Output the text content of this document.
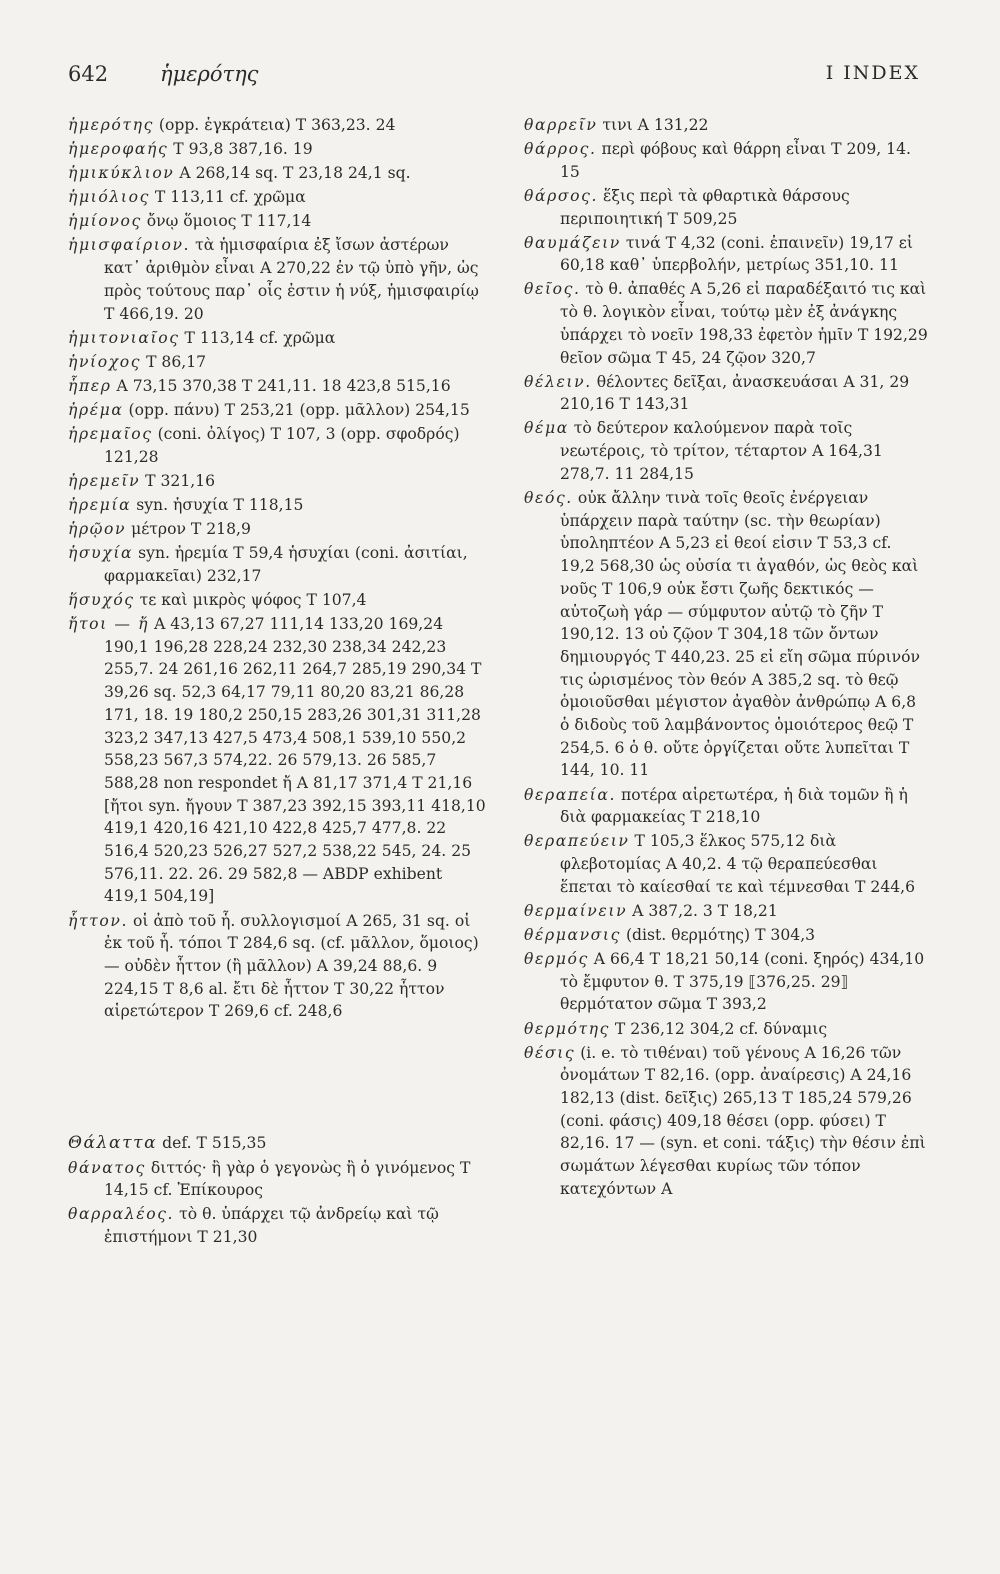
642 ἡμερότης	I INDEX

ἡμερότης (opp. ἐγκράτεια) T 363,23. 24

ἡμεροφαής T 93,8 387,16. 19

ἡμικύκλιον A 268,14 sq. T 23,18 24,1 sq.

ἡμιόλιος T 113,11 cf. χρῶμα

ἡμίονος ὄνῳ ὅμοιος T 117,14

ἡμισφαίριον. τὰ ἡμισφαίρια ἐξ ἴσων ἀστέρων κατ᾽ ἀριθμὸν εἶναι A 270,22 ἐν τῷ ὑπὸ γῆν, ὡς πρὸς τούτους παρ᾽ οἷς ἐστιν ἡ νύξ, ἡμισφαιρίῳ T 466,19. 20

ἡμιτονιαῖος T 113,14 cf. χρῶμα

ἡνίοχος T 86,17

ἧπερ A 73,15 370,38 T 241,11. 18 423,8 515,16

ἠρέμα (opp. πάνυ) T 253,21 (opp. μᾶλλον) 254,15

ἠρεμαῖος (coni. ὀλίγος) T 107, 3 (opp. σφοδρός) 121,28

ἠρεμεῖν T 321,16

ἠρεμία syn. ἡσυχία T 118,15

ἡρῷον μέτρον T 218,9

ἡσυχία syn. ἠρεμία T 59,4 ἡσυχίαι (coni. ἀσιτίαι, φαρμακεῖαι) 232,17

ἥσυχός τε καὶ μικρὸς ψόφος T 107,4

ἤτοι — ἤ A 43,13 67,27 111,14 133,20 169,24 190,1 196,28 228,24 232,30 238,34 242,23 255,7. 24 261,16 262,11 264,7 285,19 290,34 T 39,26 sq. 52,3 64,17 79,11 80,20 83,21 86,28 171, 18. 19 180,2 250,15 283,26 301,31 311,28 323,2 347,13 427,5 473,4 508,1 539,10 550,2 558,23 567,3 574,22. 26 579,13. 26 585,7 588,28 non respondet ἤ A 81,17 371,4 T 21,16 [ἤτοι syn. ἤγουν T 387,23 392,15 393,11 418,10 419,1 420,16 421,10 422,8 425,7 477,8. 22 516,4 520,23 526,27 527,2 538,22 545, 24. 25 576,11. 22. 26. 29 582,8 — ABDP exhibent 419,1 504,19]

ἧττον. οἱ ἀπὸ τοῦ ἧ. συλλογισμοί A 265, 31 sq. οἱ ἐκ τοῦ ἧ. τόποι T 284,6 sq. (cf. μᾶλλον, ὅμοιος) — οὐδὲν ἧττον (ἢ μᾶλλον) A 39,24 88,6. 9 224,15 T 8,6 al. ἔτι δὲ ἧττον T 30,22 ἧττον αἱρετώτερον T 269,6 cf. 248,6

Θάλαττα def. T 515,35

θάνατος διττός· ἢ γὰρ ὁ γεγονὼς ἢ ὁ γινόμενος T 14,15 cf. Ἐπίκουρος

θαρραλέος. τὸ θ. ὑπάρχει τῷ ἀνδρείῳ καὶ τῷ ἐπιστήμονι T 21,30

θαρρεῖν τινι A 131,22

θάρρος. περὶ φόβους καὶ θάρρη εἶναι T 209, 14. 15

θάρσος. ἕξις περὶ τὰ φθαρτικὰ θάρσους περιποιητική T 509,25

θαυμάζειν τινά T 4,32 (coni. ἐπαινεῖν) 19,17 εἰ 60,18 καθ᾽ ὑπερβολήν, μετρίως 351,10. 11

θεῖος. τὸ θ. ἀπαθές A 5,26 εἰ παραδέξαιτό τις καὶ τὸ θ. λογικὸν εἶναι, τούτῳ μὲν ἐξ ἀνάγκης ὑπάρχει τὸ νοεῖν 198,33 ἐφετὸν ἡμῖν T 192,29 θεῖον σῶμα T 45, 24 ζῷον 320,7

θέλειν. θέλοντες δεῖξαι, ἀνασκευάσαι A 31, 29 210,16 T 143,31

θέμα τὸ δεύτερον καλούμενον παρὰ τοῖς νεωτέροις, τὸ τρίτον, τέταρτον A 164,31 278,7. 11 284,15

θεός. οὐκ ἄλλην τινὰ τοῖς θεοῖς ἐνέργειαν ὑπάρχειν παρὰ ταύτην (sc. τὴν θεωρίαν) ὑποληπτέον A 5,23 εἰ θεοί εἰσιν T 53,3 cf. 19,2 568,30 ὡς οὐσία τι ἀγαθόν, ὡς θεὸς καὶ νοῦς T 106,9 οὐκ ἔστι ζωῆς δεκτικός — αὐτοζωὴ γάρ — σύμφυτον αὐτῷ τὸ ζῆν T 190,12. 13 οὐ ζῷον T 304,18 τῶν ὄντων δημιουργός T 440,23. 25 εἰ εἴη σῶμα πύρινόν τις ὡρισμένος τὸν θεόν A 385,2 sq. τὸ θεῷ ὁμοιοῦσθαι μέγιστον ἀγαθὸν ἀνθρώπῳ A 6,8 ὁ διδοὺς τοῦ λαμβάνοντος ὁμοιότερος θεῷ T 254,5. 6 ὁ θ. οὔτε ὀργίζεται οὔτε λυπεῖται T 144, 10. 11

θεραπεία. ποτέρα αἱρετωτέρα, ἡ διὰ τομῶν ἢ ἡ διὰ φαρμακείας T 218,10

θεραπεύειν T 105,3 ἕλκος 575,12 διὰ φλεβοτομίας A 40,2. 4 τῷ θεραπεύεσθαι ἕπεται τὸ καίεσθαί τε καὶ τέμνεσθαι T 244,6

θερμαίνειν A 387,2. 3 T 18,21

θέρμανσις (dist. θερμότης) T 304,3

θερμός A 66,4 T 18,21 50,14 (coni. ξηρός) 434,10 τὸ ἔμφυτον θ. T 375,19 ⟦376,25. 29⟧ θερμότατον σῶμα T 393,2

θερμότης T 236,12 304,2 cf. δύναμις

θέσις (i. e. τὸ τιθέναι) τοῦ γένους A 16,26 τῶν ὀνομάτων T 82,16. (opp. ἀναίρεσις) A 24,16 182,13 (dist. δεῖξις) 265,13 T 185,24 579,26 (coni. φάσις) 409,18 θέσει (opp. φύσει) T 82,16. 17 — (syn. et coni. τάξις) τὴν θέσιν ἐπὶ σωμάτων λέγεσθαι κυρίως τῶν τόπον κατεχόντων A
